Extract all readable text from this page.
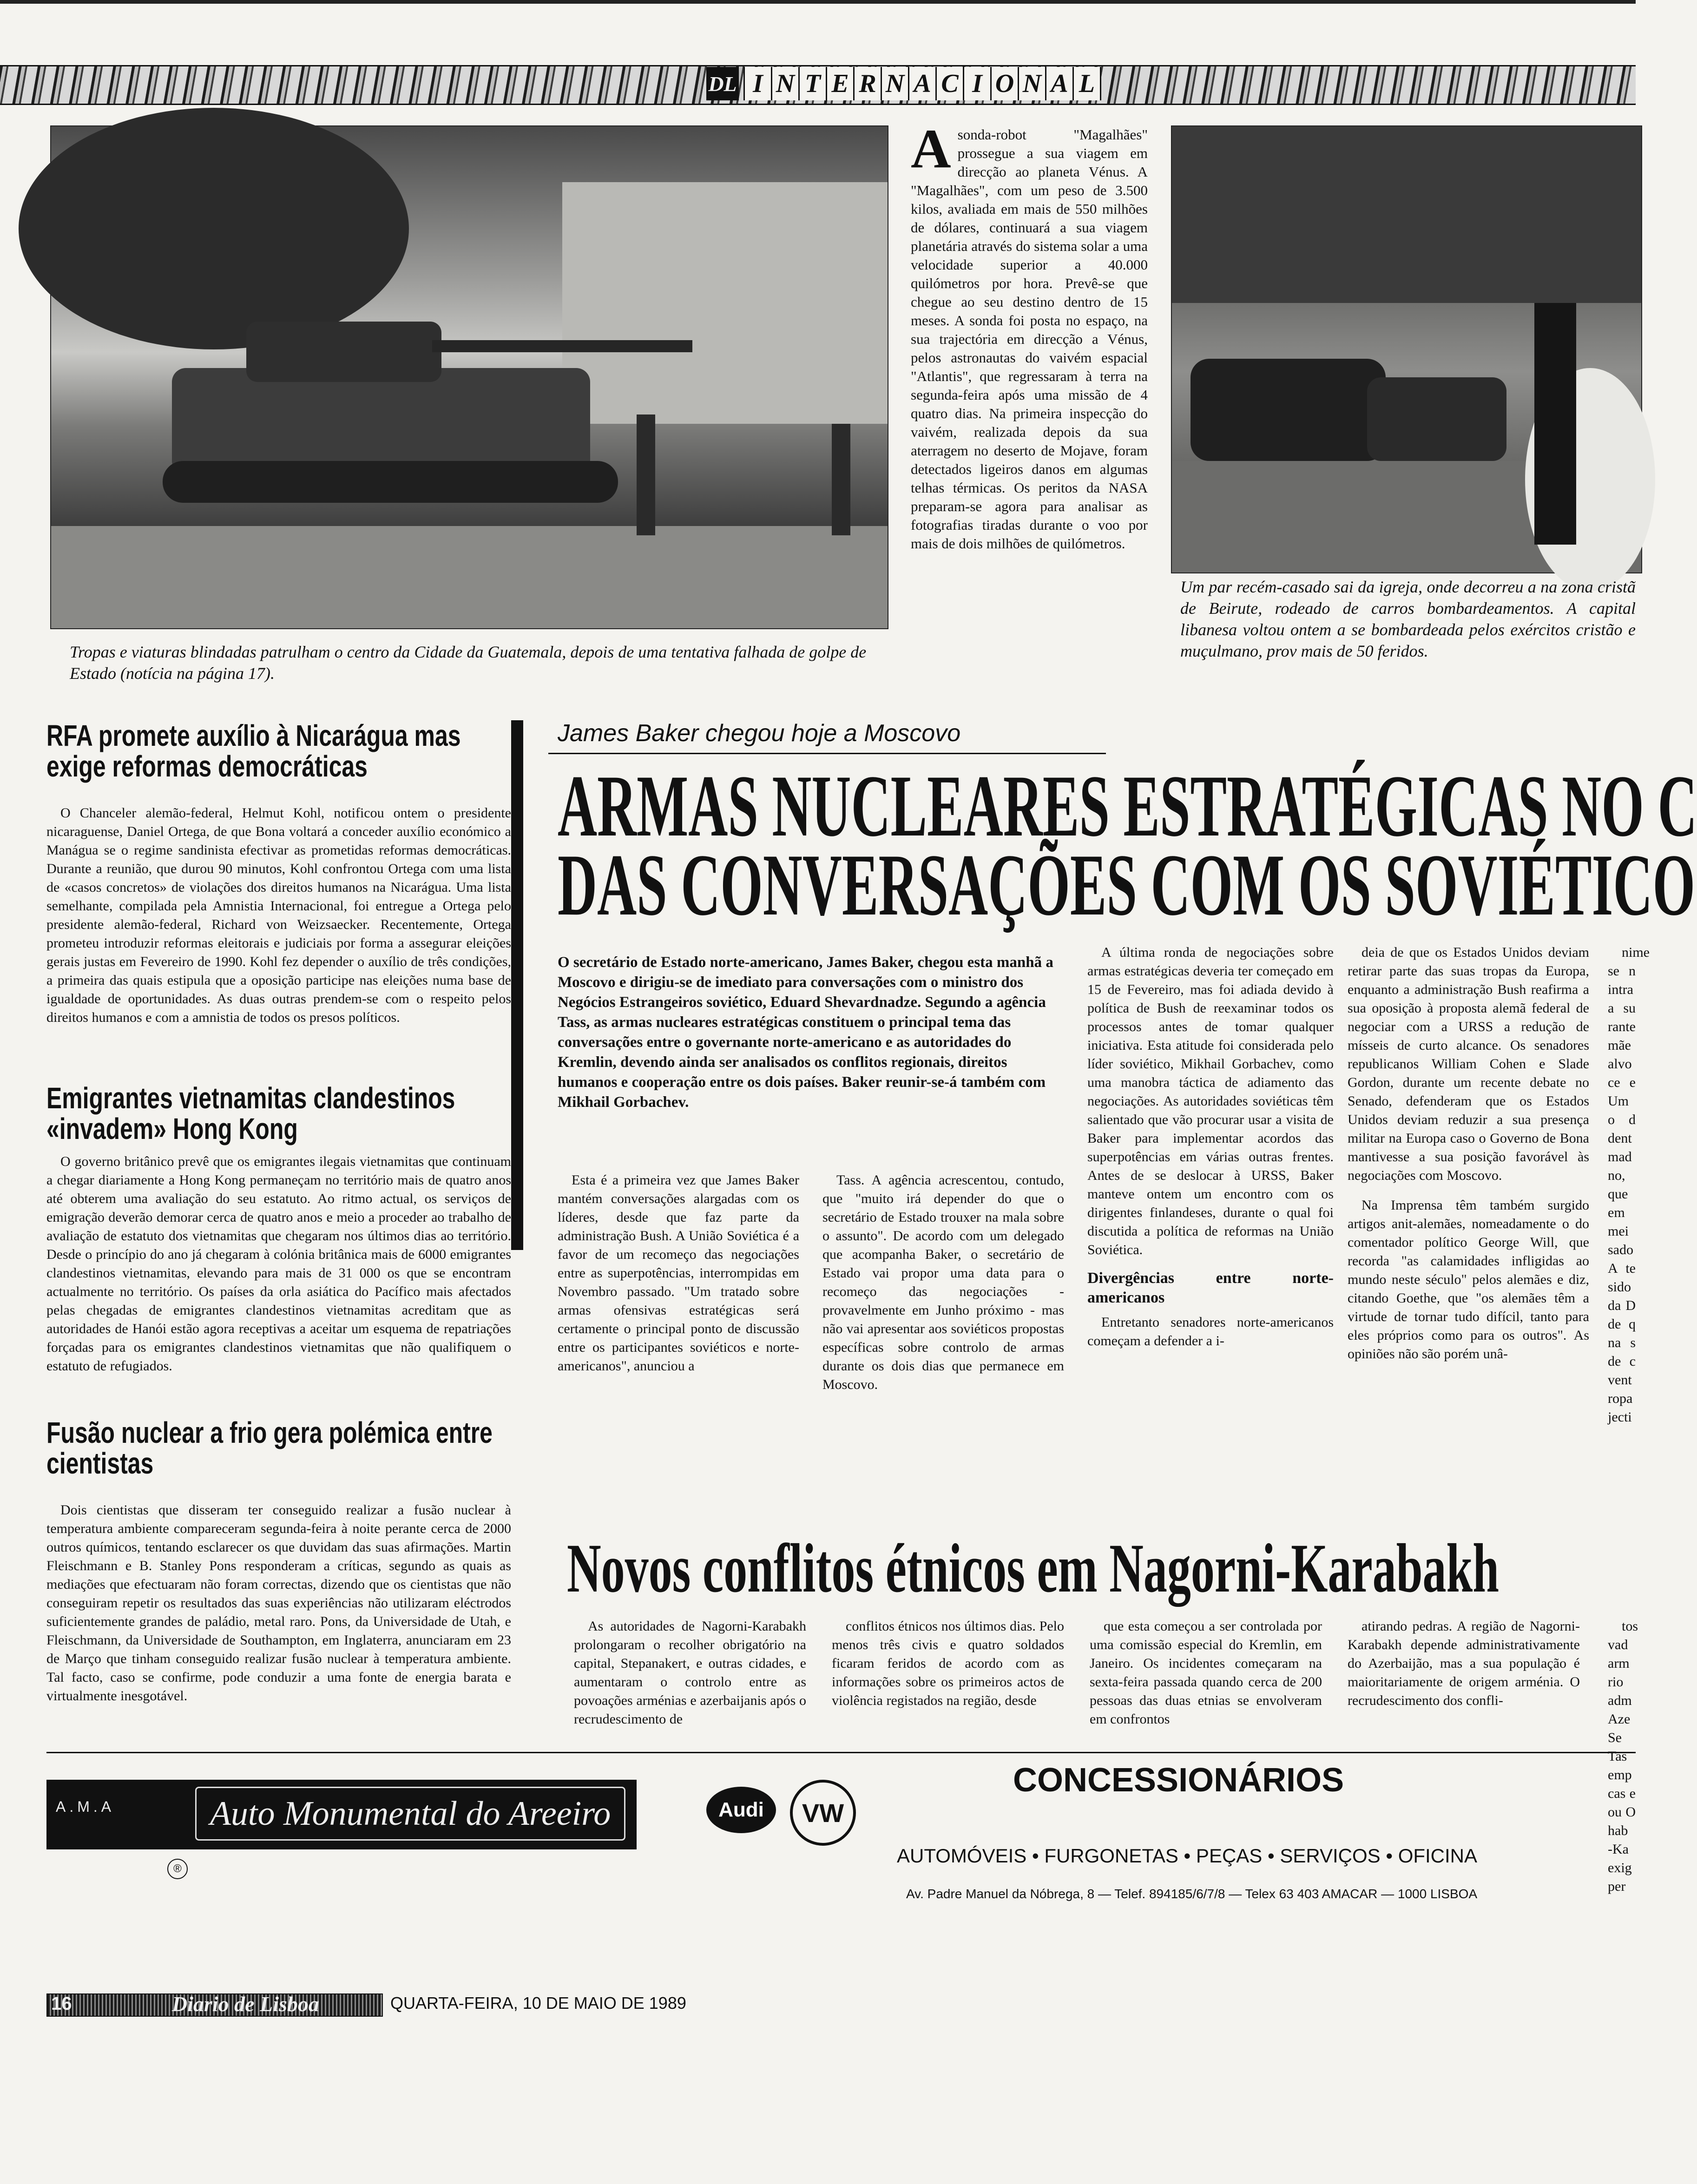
DL I N T E R N A C I O N A L
Tropas e viaturas blindadas patrulham o centro da Cidade da Guatemala, depois de uma tentativa falhada de golpe de Estado (notícia na página 17).
Um par recém-casado sai da igreja, onde decorreu a na zona cristã de Beirute, rodeado de carros bombardeamentos. A capital libanesa voltou ontem a se bombardeada pelos exércitos cristão e muçulmano, prov mais de 50 feridos.
Asonda-robot "Magalhães" prossegue a sua viagem em direcção ao planeta Vénus. A "Magalhães", com um peso de 3.500 kilos, avaliada em mais de 550 milhões de dólares, continuará a sua viagem planetária através do sistema solar a uma velocidade superior a 40.000 quilómetros por hora. Prevê-se que chegue ao seu destino dentro de 15 meses. A sonda foi posta no espaço, na sua trajectória em direcção a Vénus, pelos astronautas do vaivém espacial "Atlantis", que regressaram à terra na segunda-feira após uma missão de 4 quatro dias. Na primeira inspecção do vaivém, realizada depois da sua aterragem no deserto de Mojave, foram detectados ligeiros danos em algumas telhas térmicas. Os peritos da NASA preparam-se agora para analisar as fotografias tiradas durante o voo por mais de dois milhões de quilómetros.
RFA promete auxílio à Nicarágua mas exige reformas democráticas

O Chanceler alemão-federal, Helmut Kohl, notificou ontem o presidente nicaraguense, Daniel Ortega, de que Bona voltará a conceder auxílio económico a Manágua se o regime sandinista efectivar as prometidas reformas democráticas. Durante a reunião, que durou 90 minutos, Kohl confrontou Ortega com uma lista de «casos concretos» de violações dos direitos humanos na Nicarágua. Uma lista semelhante, compilada pela Amnistia Internacional, foi entregue a Ortega pelo presidente alemão-federal, Richard von Weizsaecker. Recentemente, Ortega prometeu introduzir reformas eleitorais e judiciais por forma a assegurar eleições gerais justas em Fevereiro de 1990. Kohl fez depender o auxílio de três condições, a primeira das quais estipula que a oposição participe nas eleições numa base de igualdade de oportunidades. As duas outras prendem-se com o respeito pelos direitos humanos e com a amnistia de todos os presos políticos.

Emigrantes vietnamitas clandestinos «invadem» Hong Kong

O governo britânico prevê que os emigrantes ilegais vietnamitas que continuam a chegar diariamente a Hong Kong permaneçam no território mais de quatro anos até obterem uma avaliação do seu estatuto. Ao ritmo actual, os serviços de emigração deverão demorar cerca de quatro anos e meio a proceder ao trabalho de avaliação de estatuto dos vietnamitas que chegaram nos últimos dias ao território. Desde o princípio do ano já chegaram à colónia britânica mais de 6000 emigrantes clandestinos vietnamitas, elevando para mais de 31 000 os que se encontram actualmente no território. Os países da orla asiática do Pacífico mais afectados pelas chegadas de emigrantes clandestinos vietnamitas acreditam que as autoridades de Hanói estão agora receptivas a aceitar um esquema de repatriações forçadas para os emigrantes clandestinos vietnamitas que não qualifiquem o estatuto de refugiados.

Fusão nuclear a frio gera polémica entre cientistas

Dois cientistas que disseram ter conseguido realizar a fusão nuclear à temperatura ambiente compareceram segunda-feira à noite perante cerca de 2000 outros químicos, tentando esclarecer os que duvidam das suas afirmações. Martin Fleischmann e B. Stanley Pons responderam a críticas, segundo as quais as mediações que efectuaram não foram correctas, dizendo que os cientistas que não conseguiram repetir os resultados das suas experiências não utilizaram eléctrodos suficientemente grandes de paládio, metal raro. Pons, da Universidade de Utah, e Fleischmann, da Universidade de Southampton, em Inglaterra, anunciaram em 23 de Março que tinham conseguido realizar fusão nuclear à temperatura ambiente. Tal facto, caso se confirme, pode conduzir a uma fonte de energia barata e virtualmente inesgotável.

James Baker chegou hoje a Moscovo
ARMAS NUCLEARES ESTRATÉGICAS NO C
DAS CONVERSAÇÕES COM OS SOVIÉTICO
O secretário de Estado norte-americano, James Baker, chegou esta manhã a Moscovo e dirigiu-se de imediato para conversações com o ministro dos Negócios Estrangeiros soviético, Eduard Shevardnadze. Segundo a agência Tass, as armas nucleares estratégicas constituem o principal tema das conversações entre o governante norte-americano e as autoridades do Kremlin, devendo ainda ser analisados os conflitos regionais, direitos humanos e cooperação entre os dois países. Baker reunir-se-á também com Mikhail Gorbachev.

Esta é a primeira vez que James Baker mantém conversações alargadas com os líderes, desde que faz parte da administração Bush. A União Soviética é a favor de um recomeço das negociações entre as superpotências, interrompidas em Novembro passado. "Um tratado sobre armas ofensivas estratégicas será certamente o principal ponto de discussão entre os participantes soviéticos e norte-americanos", anunciou a

Tass. A agência acrescentou, contudo, que "muito irá depender do que o secretário de Estado trouxer na mala sobre o assunto". De acordo com um delegado que acompanha Baker, o secretário de Estado vai propor uma data para o recomeço das negociações - provavelmente em Junho próximo - mas não vai apresentar aos soviéticos propostas específicas sobre controlo de armas durante os dois dias que permanece em Moscovo.

A última ronda de negociações sobre armas estratégicas deveria ter começado em 15 de Fevereiro, mas foi adiada devido à política de Bush de reexaminar todos os processos antes de tomar qualquer iniciativa. Esta atitude foi considerada pelo líder soviético, Mikhail Gorbachev, como uma manobra táctica de adiamento das negociações. As autoridades soviéticas têm salientado que vão procurar usar a visita de Baker para implementar acordos das superpotências em várias outras frentes. Antes de se deslocar à URSS, Baker manteve ontem um encontro com os dirigentes finlandeses, durante o qual foi discutida a política de reformas na União Soviética.

Divergências entre norte-americanos

Entretanto senadores norte-americanos começam a defender a i-

deia de que os Estados Unidos deviam retirar parte das suas tropas da Europa, enquanto a administração Bush reafirma a sua oposição à proposta alemã federal de negociar com a URSS a redução de mísseis de curto alcance. Os senadores republicanos William Cohen e Slade Gordon, durante um recente debate no Senado, defenderam que os Estados Unidos deviam reduzir a sua presença militar na Europa caso o Governo de Bona mantivesse a sua posição favorável às negociações com Moscovo.

Na Imprensa têm também surgido artigos anit-alemães, nomeadamente o do comentador político George Will, que recorda "as calamidades infligidas ao mundo neste século" pelos alemães e diz, citando Goethe, que "os alemães têm a virtude de tornar tudo difícil, tanto para eles próprios como para os outros". As opiniões não são porém unâ-

nime se n intra a su rante mãe alvo ce e Um o d dent mad no, que em mei sado A te sido da D de q na s de c vent ropa jecti

Novos conflitos étnicos em Nagorni-Karabakh

As autoridades de Nagorni-Karabakh prolongaram o recolher obrigatório na capital, Stepanakert, e outras cidades, e aumentaram o controlo entre as povoações arménias e azerbaijanis após o recrudescimento de

conflitos étnicos nos últimos dias. Pelo menos três civis e quatro soldados ficaram feridos de acordo com as informações sobre os primeiros actos de violência registados na região, desde

que esta começou a ser controlada por uma comissão especial do Kremlin, em Janeiro. Os incidentes começaram na sexta-feira passada quando cerca de 200 pessoas das duas etnias se envolveram em confrontos

atirando pedras. A região de Nagorni-Karabakh depende administrativamente do Azerbaijão, mas a sua população é maioritariamente de origem arménia. O recrudescimento dos confli-

tos vad arm rio adm Aze Se Tas emp cas e ou O hab -Ka exig per

A.M.A	Auto Monumental do Areeiro
®
Audi	VW
CONCESSIONÁRIOS
AUTOMÓVEIS • FURGONETAS • PEÇAS • SERVIÇOS • OFICINA
Av. Padre Manuel da Nóbrega, 8 — Telef. 894185/6/7/8 — Telex 63 403 AMACAR — 1000 LISBOA
16	Diario de Lisboa	QUARTA-FEIRA, 10 DE MAIO DE 1989
